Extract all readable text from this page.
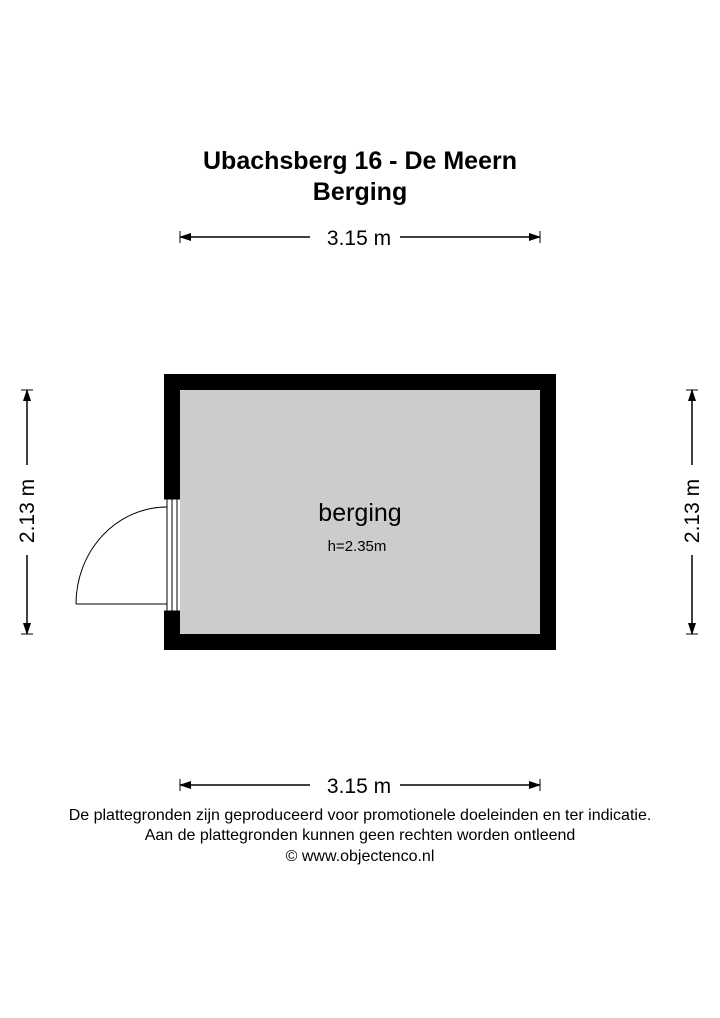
Ubachsberg 16 - De Meern
Berging
3.15 m
3.15 m
2.13 m	2.13 m
berging
h=2.35m
De plattegronden zijn geproduceerd voor promotionele doeleinden en ter indicatie.
Aan de plattegronden kunnen geen rechten worden ontleend
© www.objectenco.nl
